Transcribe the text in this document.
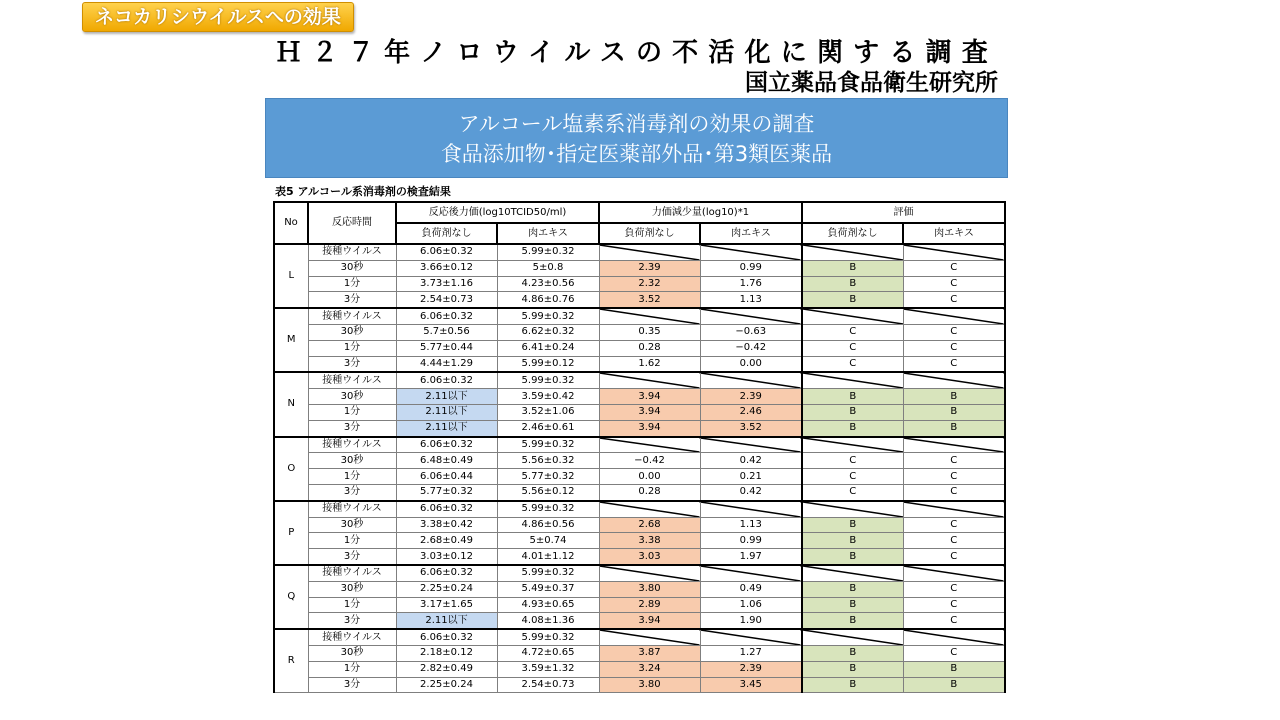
ネコカリシウイルスへの効果
Ｈ２７年ノロウイルスの不活化に関する調査
国立薬品食品衛生研究所
アルコール塩素系消毒剤の効果の調査
食品添加物･指定医薬部外品･第3類医薬品
表5 アルコール系消毒剤の検査結果
No	反応時間	反応後力価(log10TCID50/ml)		力価減少量(log10)*1		評価	
		負荷剤なし	肉エキス	負荷剤なし	肉エキス	負荷剤なし	肉エキス
L	接種ウイルス	6.06±0.32	5.99±0.32				
	30秒	3.66±0.12	5±0.8	2.39	0.99	B	C
	1分	3.73±1.16	4.23±0.56	2.32	1.76	B	C
	3分	2.54±0.73	4.86±0.76	3.52	1.13	B	C
M	接種ウイルス	6.06±0.32	5.99±0.32				
	30秒	5.7±0.56	6.62±0.32	0.35	−0.63	C	C
	1分	5.77±0.44	6.41±0.24	0.28	−0.42	C	C
	3分	4.44±1.29	5.99±0.12	1.62	0.00	C	C
N	接種ウイルス	6.06±0.32	5.99±0.32				
	30秒	2.11以下	3.59±0.42	3.94	2.39	B	B
	1分	2.11以下	3.52±1.06	3.94	2.46	B	B
	3分	2.11以下	2.46±0.61	3.94	3.52	B	B
O	接種ウイルス	6.06±0.32	5.99±0.32				
	30秒	6.48±0.49	5.56±0.32	−0.42	0.42	C	C
	1分	6.06±0.44	5.77±0.32	0.00	0.21	C	C
	3分	5.77±0.32	5.56±0.12	0.28	0.42	C	C
P	接種ウイルス	6.06±0.32	5.99±0.32				
	30秒	3.38±0.42	4.86±0.56	2.68	1.13	B	C
	1分	2.68±0.49	5±0.74	3.38	0.99	B	C
	3分	3.03±0.12	4.01±1.12	3.03	1.97	B	C
Q	接種ウイルス	6.06±0.32	5.99±0.32				
	30秒	2.25±0.24	5.49±0.37	3.80	0.49	B	C
	1分	3.17±1.65	4.93±0.65	2.89	1.06	B	C
	3分	2.11以下	4.08±1.36	3.94	1.90	B	C
R	接種ウイルス	6.06±0.32	5.99±0.32				
	30秒	2.18±0.12	4.72±0.65	3.87	1.27	B	C
	1分	2.82±0.49	3.59±1.32	3.24	2.39	B	B
	3分	2.25±0.24	2.54±0.73	3.80	3.45	B	B
